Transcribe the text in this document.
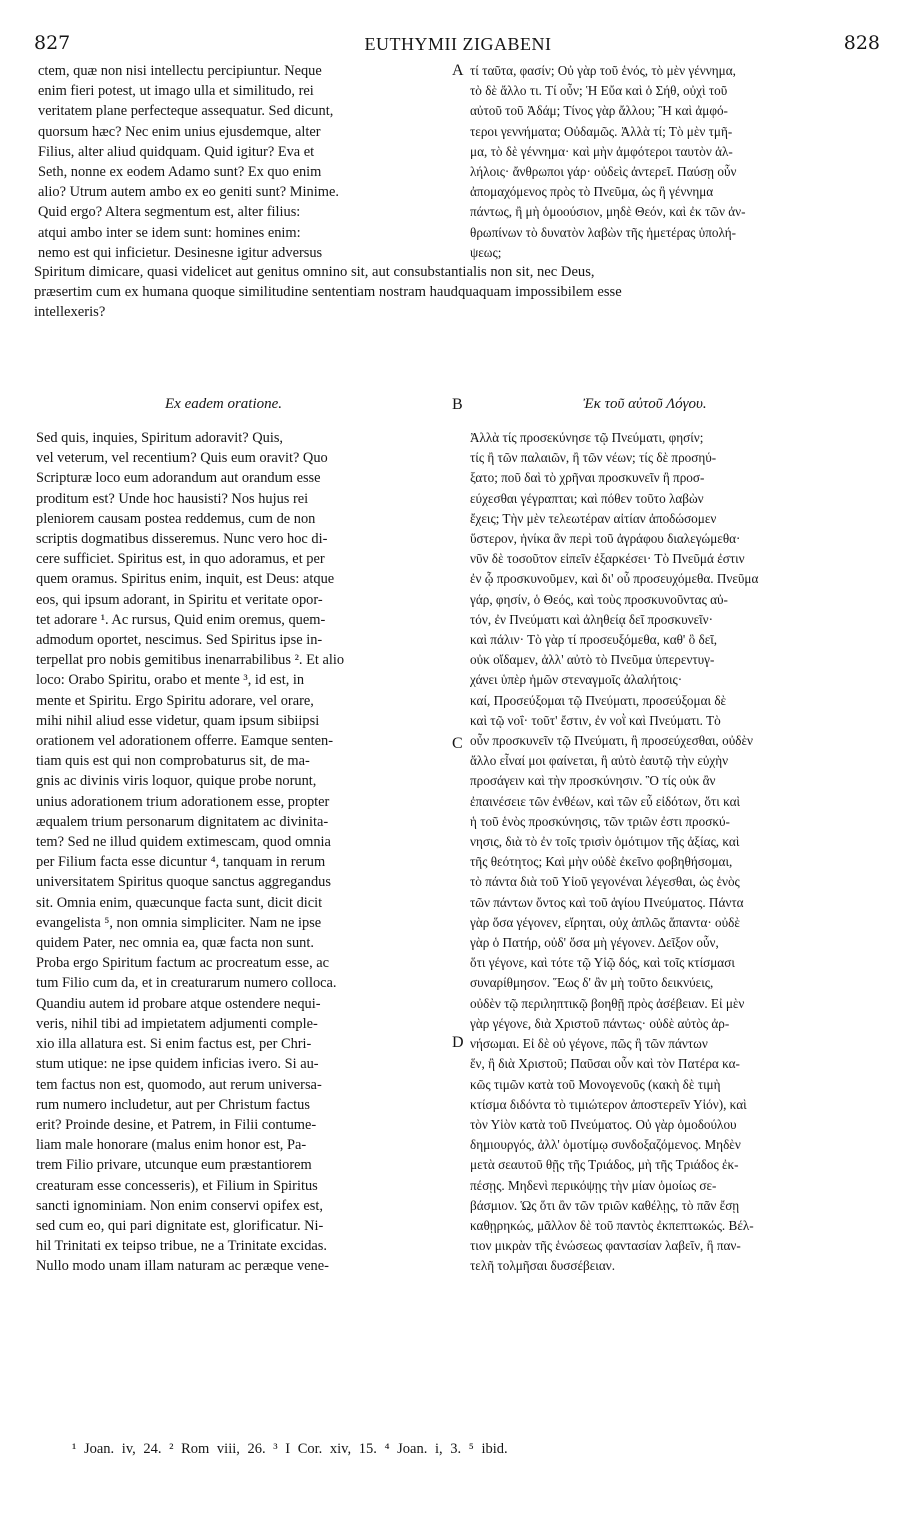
827	EUTHYMII ZIGABENI	828
ctem, quæ non nisi intellectu percipiuntur. Neque
enim fieri potest, ut imago ulla et similitudo, rei
veritatem plane perfecteque assequatur. Sed dicunt,
quorsum hæc? Nec enim unius ejusdemque, alter
Filius, alter aliud quidquam. Quid igitur? Eva et
Seth, nonne ex eodem Adamo sunt? Ex quo enim
alio? Utrum autem ambo ex eo geniti sunt? Minime.
Quid ergo? Altera segmentum est, alter filius:
atqui ambo inter se idem sunt: homines enim:
nemo est qui inficietur. Desinesne igitur adversus
τί ταῦτα, φασίν; Οὐ γὰρ τοῦ ἑνός, τὸ μὲν γέννημα,
τὸ δὲ ἄλλο τι. Τί οὖν; Ἡ Εὔα καὶ ὁ Σήθ, οὐχὶ τοῦ
αὐτοῦ τοῦ Ἀδάμ; Τίνος γὰρ ἄλλου; Ἢ καὶ ἀμφό-
τεροι γεννήματα; Οὐδαμῶς. Ἀλλὰ τί; Τὸ μὲν τμῆ-
μα, τὸ δὲ γέννημα· καὶ μὴν ἀμφότεροι ταυτὸν ἀλ-
λήλοις· ἄνθρωποι γάρ· οὐδεὶς ἀντερεῖ. Παύσῃ οὖν
ἀπομαχόμενος πρὸς τὸ Πνεῦμα, ὡς ἢ γέννημα
πάντως, ἢ μὴ ὁμοούσιον, μηδὲ Θεόν, καὶ ἐκ τῶν ἀν-
θρωπίνων τὸ δυνατὸν λαβὼν τῆς ἡμετέρας ὑπολή-
ψεως;
A
Spiritum dimicare, quasi videlicet aut genitus omnino sit, aut consubstantialis non sit, nec Deus,
præsertim cum ex humana quoque similitudine sententiam nostram haudquaquam impossibilem esse
intellexeris?
Ex eadem oratione.	B	Ἐκ τοῦ αὐτοῦ Λόγου.
Sed quis, inquies, Spiritum adoravit? Quis,
vel veterum, vel recentium? Quis eum oravit? Quo
Scripturæ loco eum adorandum aut orandum esse
proditum est? Unde hoc hausisti? Nos hujus rei
pleniorem causam postea reddemus, cum de non
scriptis dogmatibus disseremus. Nunc vero hoc di-
cere sufficiet. Spiritus est, in quo adoramus, et per
quem oramus. Spiritus enim, inquit, est Deus: atque
eos, qui ipsum adorant, in Spiritu et veritate opor-
tet adorare ¹. Ac rursus, Quid enim oremus, quem-
admodum oportet, nescimus. Sed Spiritus ipse in-
terpellat pro nobis gemitibus inenarrabilibus ². Et alio
loco: Orabo Spiritu, orabo et mente ³, id est, in
mente et Spiritu. Ergo Spiritu adorare, vel orare,
mihi nihil aliud esse videtur, quam ipsum sibiipsi
orationem vel adorationem offerre. Eamque senten-
tiam quis est qui non comprobaturus sit, de ma-
gnis ac divinis viris loquor, quique probe norunt,
unius adorationem trium adorationem esse, propter
æqualem trium personarum dignitatem ac divinita-
tem? Sed ne illud quidem extimescam, quod omnia
per Filium facta esse dicuntur ⁴, tanquam in rerum
universitatem Spiritus quoque sanctus aggregandus
sit. Omnia enim, quæcunque facta sunt, dicit dicit
evangelista ⁵, non omnia simpliciter. Nam ne ipse
quidem Pater, nec omnia ea, quæ facta non sunt.
Proba ergo Spiritum factum ac procreatum esse, ac
tum Filio cum da, et in creaturarum numero colloca.
Quandiu autem id probare atque ostendere nequi-
veris, nihil tibi ad impietatem adjumenti comple-
xio illa allatura est. Si enim factus est, per Chri-
stum utique: ne ipse quidem inficias ivero. Si au-
tem factus non est, quomodo, aut rerum universa-
rum numero includetur, aut per Christum factus
erit? Proinde desine, et Patrem, in Filii contume-
liam male honorare (malus enim honor est, Pa-
trem Filio privare, utcunque eum præstantiorem
creaturam esse concesseris), et Filium in Spiritus
sancti ignominiam. Non enim conservi opifex est,
sed cum eo, qui pari dignitate est, glorificatur. Ni-
hil Trinitati ex teipso tribue, ne a Trinitate excidas.
Nullo modo unam illam naturam ac peræque vene-
Ἀλλὰ τίς προσεκύνησε τῷ Πνεύματι, φησίν;
τίς ἢ τῶν παλαιῶν, ἢ τῶν νέων; τίς δὲ προσηύ-
ξατο; ποῦ δαὶ τὸ χρῆναι προσκυνεῖν ἢ προσ-
εύχεσθαι γέγραπται; καὶ πόθεν τοῦτο λαβὼν
ἔχεις; Τὴν μὲν τελεωτέραν αἰτίαν ἀποδώσομεν
ὕστερον, ἡνίκα ἂν περὶ τοῦ ἀγράφου διαλεγώμεθα·
νῦν δὲ τοσοῦτον εἰπεῖν ἐξαρκέσει· Τὸ Πνεῦμά ἐστιν
ἐν ᾧ προσκυνοῦμεν, καὶ δι' οὗ προσευχόμεθα. Πνεῦμα
γάρ, φησίν, ὁ Θεός, καὶ τοὺς προσκυνοῦντας αὐ-
τόν, ἐν Πνεύματι καὶ ἀληθείᾳ δεῖ προσκυνεῖν·
καὶ πάλιν· Τὸ γὰρ τί προσευξόμεθα, καθ' ὃ δεῖ,
οὐκ οἴδαμεν, ἀλλ' αὐτὸ τὸ Πνεῦμα ὑπερεντυγ-
χάνει ὑπὲρ ἡμῶν στεναγμοῖς ἀλαλήτοις·
καί, Προσεύξομαι τῷ Πνεύματι, προσεύξομαι δὲ
καὶ τῷ νοΐ· τοῦτ' ἔστιν, ἐν νοῒ καὶ Πνεύματι. Τὸ
οὖν προσκυνεῖν τῷ Πνεύματι, ἢ προσεύχεσθαι, οὐδὲν
ἄλλο εἶναί μοι φαίνεται, ἢ αὐτὸ ἑαυτῷ τὴν εὐχὴν
προσάγειν καὶ τὴν προσκύνησιν. Ὃ τίς οὐκ ἂν
ἐπαινέσειε τῶν ἐνθέων, καὶ τῶν εὖ εἰδότων, ὅτι καὶ
ἡ τοῦ ἑνὸς προσκύνησις, τῶν τριῶν ἐστι προσκύ-
νησις, διὰ τὸ ἐν τοῖς τρισὶν ὁμότιμον τῆς ἀξίας, καὶ
τῆς θεότητος; Καὶ μὴν οὐδὲ ἐκεῖνο φοβηθήσομαι,
τὸ πάντα διὰ τοῦ Υἱοῦ γεγονέναι λέγεσθαι, ὡς ἑνὸς
τῶν πάντων ὄντος καὶ τοῦ ἁγίου Πνεύματος. Πάντα
γὰρ ὅσα γέγονεν, εἴρηται, οὐχ ἁπλῶς ἅπαντα· οὐδὲ
γὰρ ὁ Πατήρ, οὐδ' ὅσα μὴ γέγονεν. Δεῖξον οὖν,
ὅτι γέγονε, καὶ τότε τῷ Υἱῷ δός, καὶ τοῖς κτίσμασι
συναρίθμησον. Ἕως δ' ἂν μὴ τοῦτο δεικνύεις,
οὐδὲν τῷ περιληπτικῷ βοηθῇ πρὸς ἀσέβειαν. Εἰ μὲν
γὰρ γέγονε, διὰ Χριστοῦ πάντως· οὐδὲ αὐτὸς ἀρ-
νήσωμαι. Εἰ δὲ οὐ γέγονε, πῶς ἢ τῶν πάντων
ἕν, ἢ διὰ Χριστοῦ; Παῦσαι οὖν καὶ τὸν Πατέρα κα-
κῶς τιμῶν κατὰ τοῦ Μονογενοῦς (κακὴ δὲ τιμὴ
κτίσμα διδόντα τὸ τιμιώτερον ἀποστερεῖν Υἱόν), καὶ
τὸν Υἱὸν κατὰ τοῦ Πνεύματος. Οὐ γὰρ ὁμοδούλου
δημιουργός, ἀλλ' ὁμοτίμῳ συνδοξαζόμενος. Μηδὲν
μετὰ σεαυτοῦ θῇς τῆς Τριάδος, μὴ τῆς Τριάδος ἐκ-
πέσῃς. Μηδενὶ περικόψῃς τὴν μίαν ὁμοίως σε-
βάσμιον. Ὡς ὅτι ἂν τῶν τριῶν καθέλῃς, τὸ πᾶν ἔσῃ
καθῃρηκώς, μᾶλλον δὲ τοῦ παντὸς ἐκπεπτωκώς. Βέλ-
τιον μικρὰν τῆς ἑνώσεως φαντασίαν λαβεῖν, ἢ παν-
τελῆ τολμῆσαι δυσσέβειαν.
C
D
¹ Joan. iv, 24. ² Rom viii, 26. ³ I Cor. xiv, 15. ⁴ Joan. i, 3. ⁵ ibid.
